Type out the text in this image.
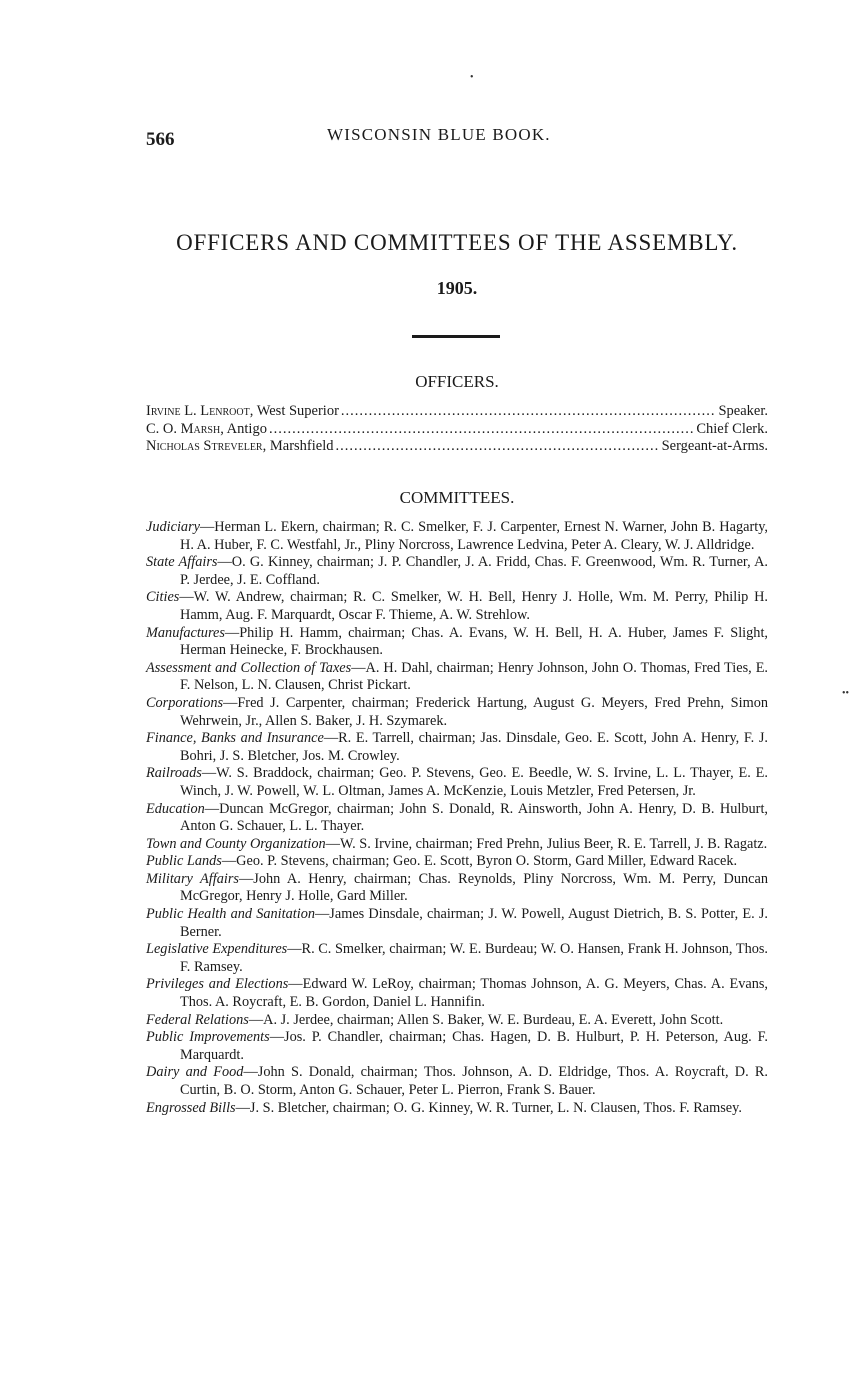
566	WISCONSIN BLUE BOOK.
OFFICERS AND COMMITTEES OF THE ASSEMBLY.
1905.
OFFICERS.
Irvine L. Lenroot , West Superior .....	Speaker.
C. O. Marsh , Antigo .....	Chief Clerk.
Nicholas Streveler , Marshfield .....	Sergeant-at-Arms.
COMMITTEES.
Judiciary—Herman L. Ekern, chairman; R. C. Smelker, F. J. Carpenter, Ernest N. Warner, John B. Hagarty, H. A. Huber, F. C. Westfahl, Jr., Pliny Norcross, Lawrence Ledvina, Peter A. Cleary, W. J. Alldridge.
State Affairs—O. G. Kinney, chairman; J. P. Chandler, J. A. Fridd, Chas. F. Greenwood, Wm. R. Turner, A. P. Jerdee, J. E. Coffland.
Cities—W. W. Andrew, chairman; R. C. Smelker, W. H. Bell, Henry J. Holle, Wm. M. Perry, Philip H. Hamm, Aug. F. Marquardt, Oscar F. Thieme, A. W. Strehlow.
Manufactures—Philip H. Hamm, chairman; Chas. A. Evans, W. H. Bell, H. A. Huber, James F. Slight, Herman Heinecke, F. Brockhausen.
Assessment and Collection of Taxes—A. H. Dahl, chairman; Henry Johnson, John O. Thomas, Fred Ties, E. F. Nelson, L. N. Clausen, Christ Pickart.
Corporations—Fred J. Carpenter, chairman; Frederick Hartung, August G. Meyers, Fred Prehn, Simon Wehrwein, Jr., Allen S. Baker, J. H. Szymarek.
Finance, Banks and Insurance—R. E. Tarrell, chairman; Jas. Dinsdale, Geo. E. Scott, John A. Henry, F. J. Bohri, J. S. Bletcher, Jos. M. Crowley.
Railroads—W. S. Braddock, chairman; Geo. P. Stevens, Geo. E. Beedle, W. S. Irvine, L. L. Thayer, E. E. Winch, J. W. Powell, W. L. Oltman, James A. McKenzie, Louis Metzler, Fred Petersen, Jr.
Education—Duncan McGregor, chairman; John S. Donald, R. Ainsworth, John A. Henry, D. B. Hulburt, Anton G. Schauer, L. L. Thayer.
Town and County Organization—W. S. Irvine, chairman; Fred Prehn, Julius Beer, R. E. Tarrell, J. B. Ragatz.
Public Lands—Geo. P. Stevens, chairman; Geo. E. Scott, Byron O. Storm, Gard Miller, Edward Racek.
Military Affairs—John A. Henry, chairman; Chas. Reynolds, Pliny Norcross, Wm. M. Perry, Duncan McGregor, Henry J. Holle, Gard Miller.
Public Health and Sanitation—James Dinsdale, chairman; J. W. Powell, August Dietrich, B. S. Potter, E. J. Berner.
Legislative Expenditures—R. C. Smelker, chairman; W. E. Burdeau; W. O. Hansen, Frank H. Johnson, Thos. F. Ramsey.
Privileges and Elections—Edward W. LeRoy, chairman; Thomas Johnson, A. G. Meyers, Chas. A. Evans, Thos. A. Roycraft, E. B. Gordon, Daniel L. Hannifin.
Federal Relations—A. J. Jerdee, chairman; Allen S. Baker, W. E. Burdeau, E. A. Everett, John Scott.
Public Improvements—Jos. P. Chandler, chairman; Chas. Hagen, D. B. Hulburt, P. H. Peterson, Aug. F. Marquardt.
Dairy and Food—John S. Donald, chairman; Thos. Johnson, A. D. Eldridge, Thos. A. Roycraft, D. R. Curtin, B. O. Storm, Anton G. Schauer, Peter L. Pierron, Frank S. Bauer.
Engrossed Bills—J. S. Bletcher, chairman; O. G. Kinney, W. R. Turner, L. N. Clausen, Thos. F. Ramsey.
•
••
